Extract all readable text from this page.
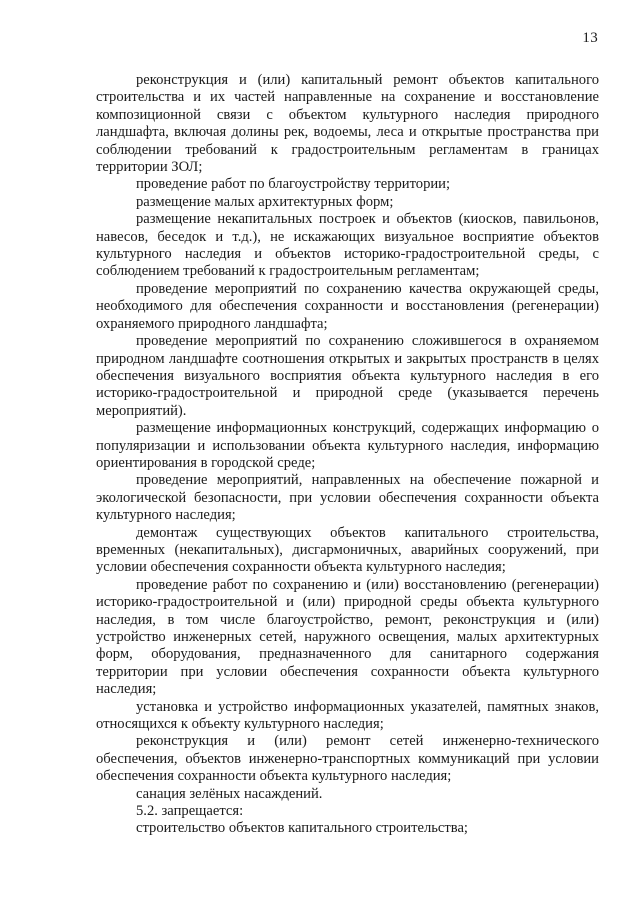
13

реконструкция и (или) капитальный ремонт объектов капитального строительства и их частей направленные на сохранение и восстановление композиционной связи с объектом культурного наследия природного ландшафта, включая долины рек, водоемы, леса и открытые пространства при соблюдении требований к градостроительным регламентам в границах территории ЗОЛ;

проведение работ по благоустройству территории;

размещение малых архитектурных форм;

размещение некапитальных построек и объектов (киосков, павильонов, навесов, беседок и т.д.), не искажающих визуальное восприятие объектов культурного наследия и объектов историко-градостроительной среды, с соблюдением требований к градостроительным регламентам;

проведение мероприятий по сохранению качества окружающей среды, необходимого для обеспечения сохранности и восстановления (регенерации) охраняемого природного ландшафта;

проведение мероприятий по сохранению сложившегося в охраняемом природном ландшафте соотношения открытых и закрытых пространств в целях обеспечения визуального восприятия объекта культурного наследия в его историко-градостроительной и природной среде (указывается перечень мероприятий).

размещение информационных конструкций, содержащих информацию о популяризации и использовании объекта культурного наследия, информацию ориентирования в городской среде;

проведение мероприятий, направленных на обеспечение пожарной и экологической безопасности, при условии обеспечения сохранности объекта культурного наследия;

демонтаж существующих объектов капитального строительства, временных (некапитальных), дисгармоничных, аварийных сооружений, при условии обеспечения сохранности объекта культурного наследия;

проведение работ по сохранению и (или) восстановлению (регенерации) историко-градостроительной и (или) природной среды объекта культурного наследия, в том числе благоустройство, ремонт, реконструкция и (или) устройство инженерных сетей, наружного освещения, малых архитектурных форм, оборудования, предназначенного для санитарного содержания территории при условии обеспечения сохранности объекта культурного наследия;

установка и устройство информационных указателей, памятных знаков, относящихся к объекту культурного наследия;

реконструкция и (или) ремонт сетей инженерно-технического обеспечения, объектов инженерно-транспортных коммуникаций при условии обеспечения сохранности объекта культурного наследия;

санация зелёных насаждений.

5.2. запрещается:

строительство объектов капитального строительства;
